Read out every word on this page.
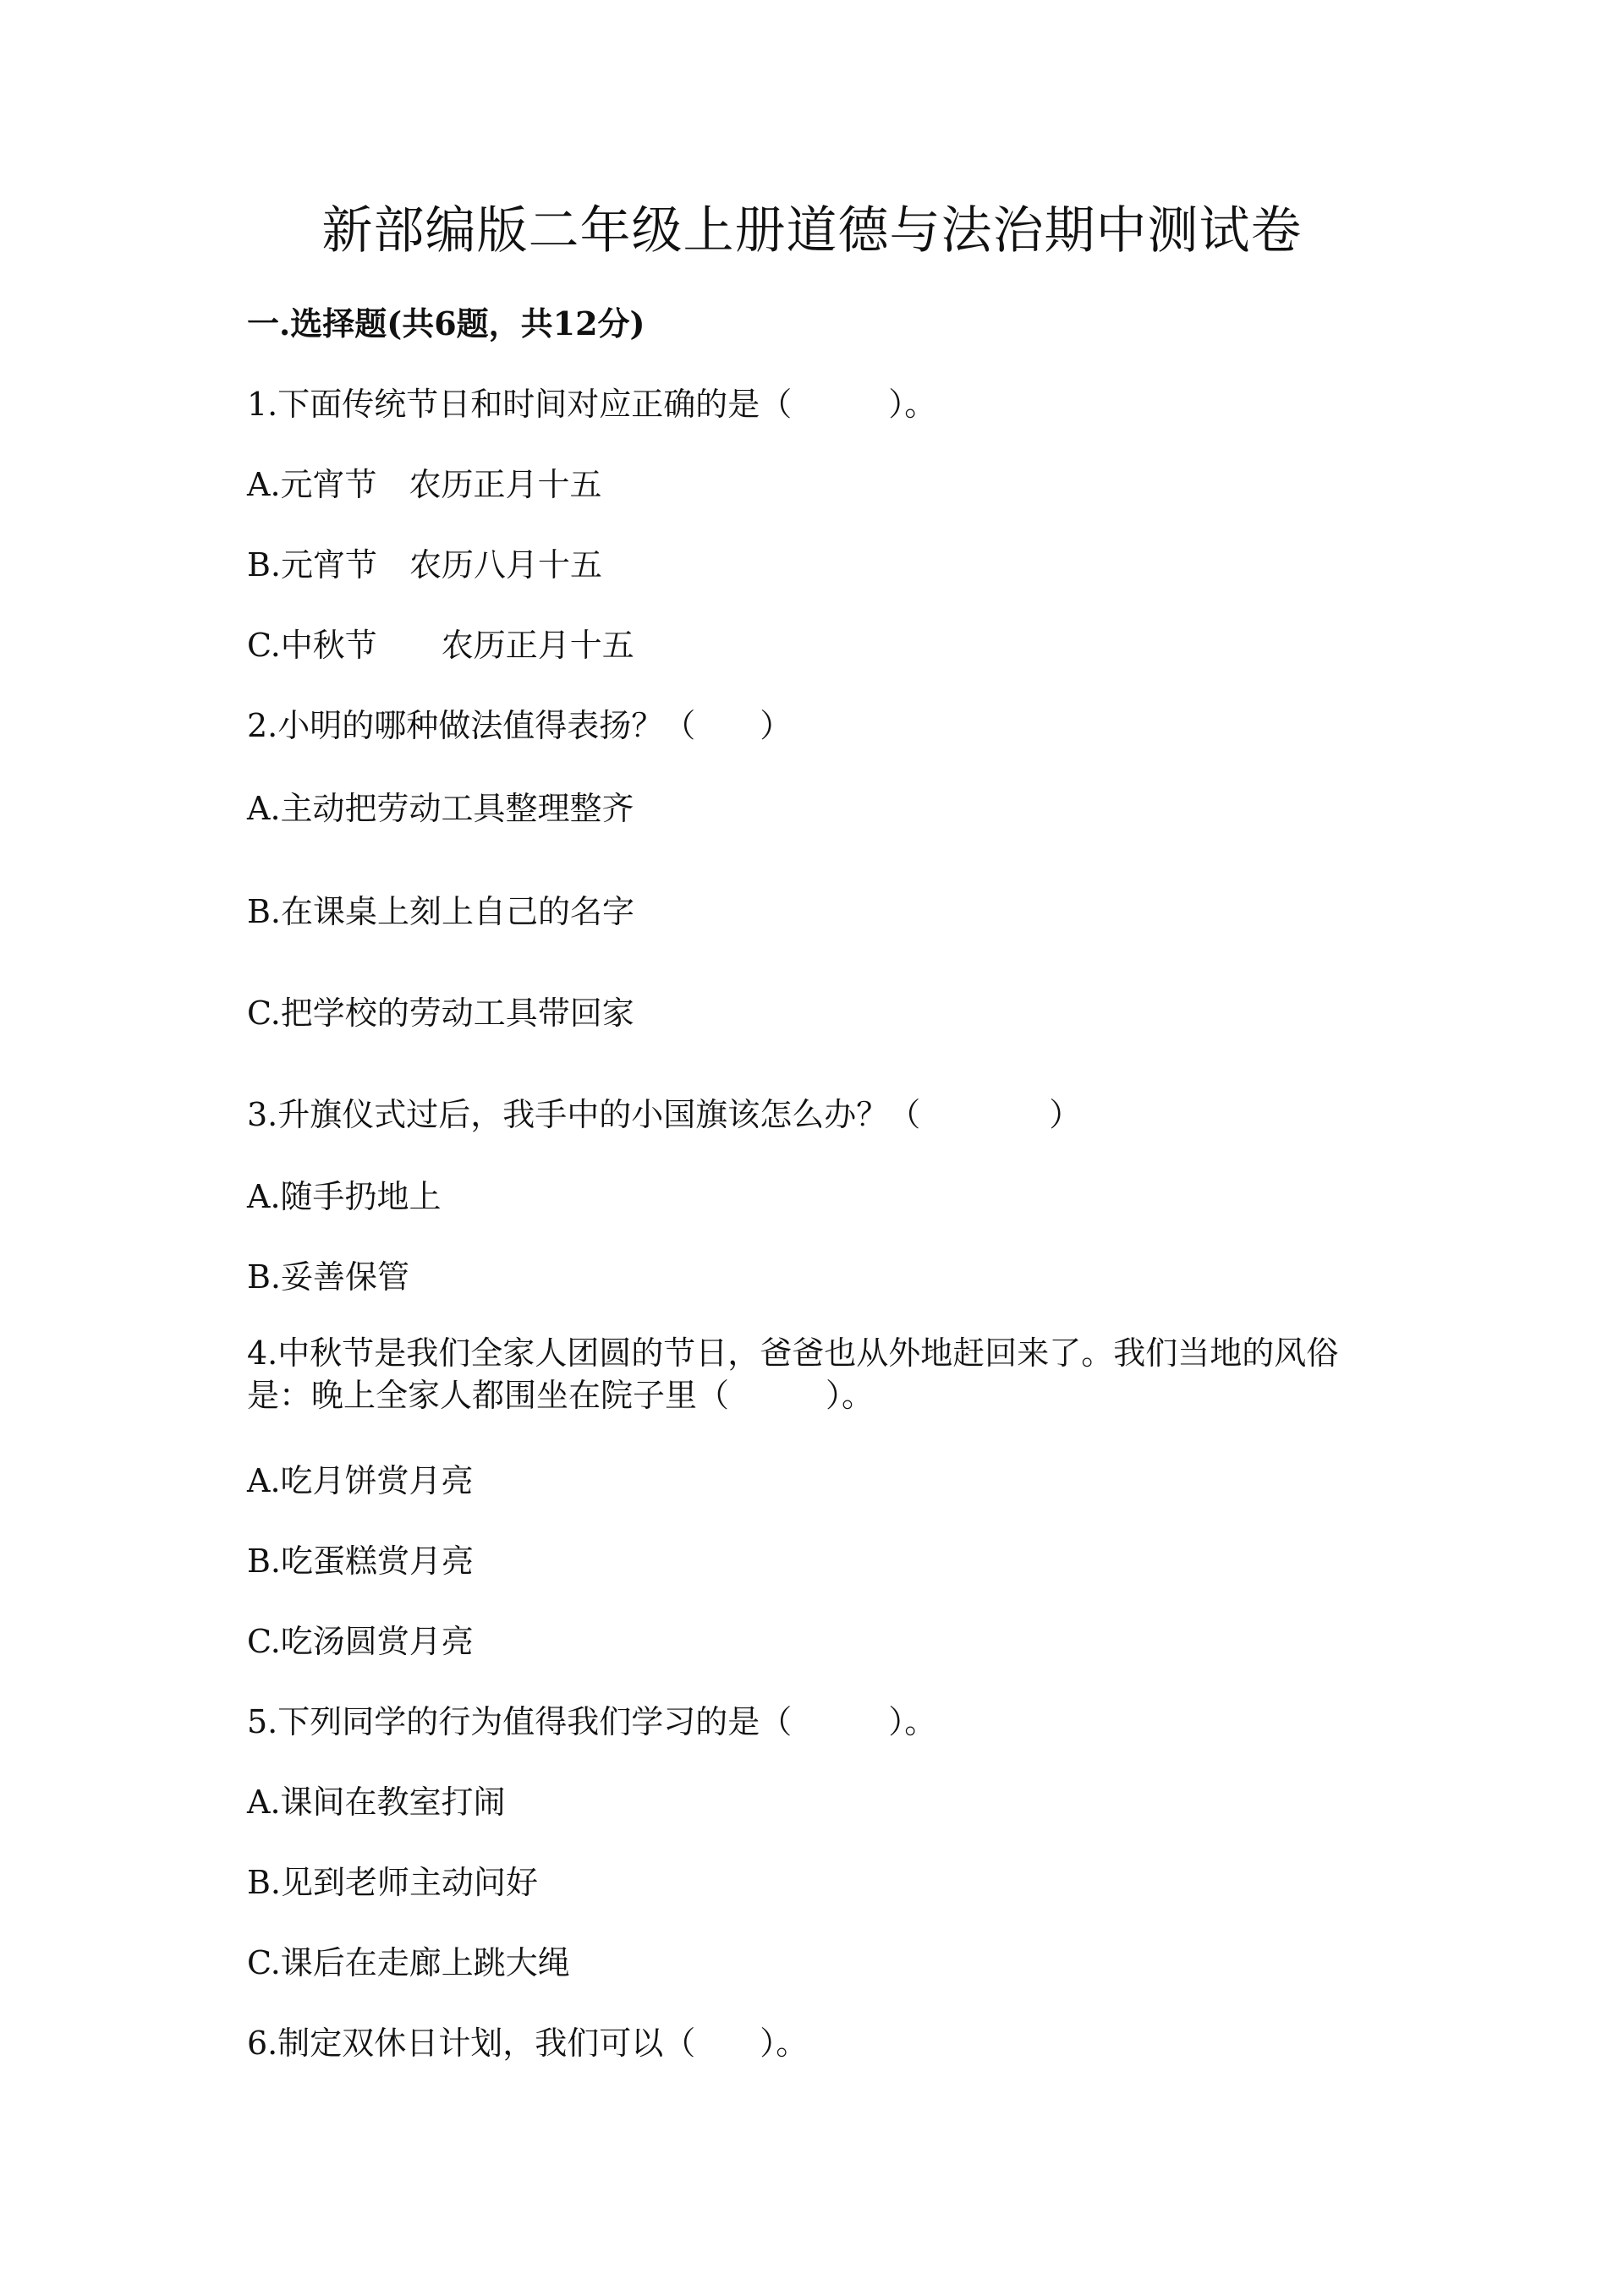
新部编版二年级上册道德与法治期中测试卷

一.选择题(共6题，共12分)

1.下面传统节日和时间对应正确的是（　　　）。

A.元宵节　农历正月十五

B.元宵节　农历八月十五

C.中秋节　　农历正月十五

2.小明的哪种做法值得表扬？（　　）

A.主动把劳动工具整理整齐

B.在课桌上刻上自己的名字

C.把学校的劳动工具带回家

3.升旗仪式过后，我手中的小国旗该怎么办？（　　　　）

A.随手扔地上

B.妥善保管

4.中秋节是我们全家人团圆的节日，爸爸也从外地赶回来了。我们当地的风俗是：晚上全家人都围坐在院子里（　　　）。

A.吃月饼赏月亮

B.吃蛋糕赏月亮

C.吃汤圆赏月亮

5.下列同学的行为值得我们学习的是（　　　）。

A.课间在教室打闹

B.见到老师主动问好

C.课后在走廊上跳大绳

6.制定双休日计划，我们可以（　　）。
